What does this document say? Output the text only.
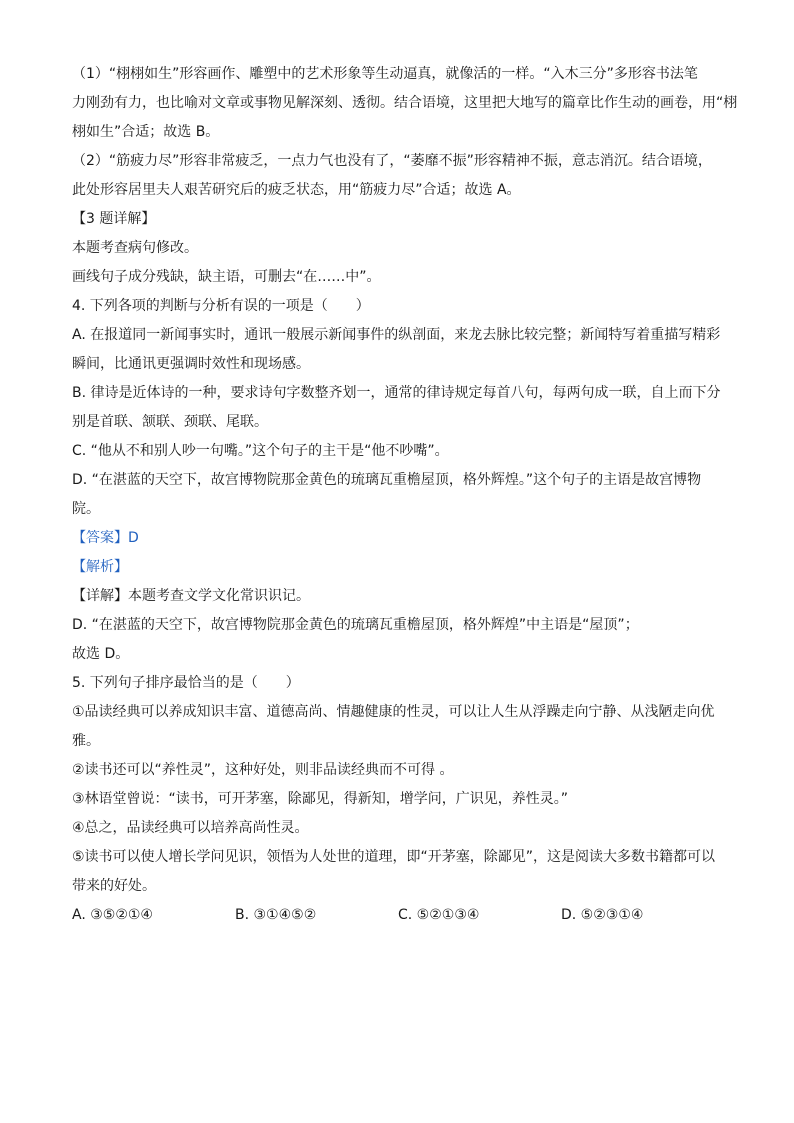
（1）“栩栩如生”形容画作、雕塑中的艺术形象等生动逼真，就像活的一样。“入木三分”多形容书法笔
力刚劲有力，也比喻对文章或事物见解深刻、透彻。结合语境，这里把大地写的篇章比作生动的画卷，用“栩
栩如生”合适；故选 B。
（2）“筋疲力尽”形容非常疲乏，一点力气也没有了，“萎靡不振”形容精神不振，意志消沉。结合语境，
此处形容居里夫人艰苦研究后的疲乏状态，用“筋疲力尽”合适；故选 A。
【3 题详解】
本题考查病句修改。
画线句子成分残缺，缺主语，可删去“在……中”。
4. 下列各项的判断与分析有误的一项是（　　）
A. 在报道同一新闻事实时，通讯一般展示新闻事件的纵剖面，来龙去脉比较完整；新闻特写着重描写精彩
瞬间，比通讯更强调时效性和现场感。
B. 律诗是近体诗的一种，要求诗句字数整齐划一，通常的律诗规定每首八句，每两句成一联，自上而下分
别是首联、颔联、颈联、尾联。
C. “他从不和别人吵一句嘴。”这个句子的主干是“他不吵嘴”。
D. “在湛蓝的天空下，故宫博物院那金黄色的琉璃瓦重檐屋顶，格外辉煌。”这个句子的主语是故宫博物
院。
【答案】D
【解析】
【详解】本题考查文学文化常识识记。
D. “在湛蓝的天空下，故宫博物院那金黄色的琉璃瓦重檐屋顶，格外辉煌”中主语是“屋顶”；
故选 D。
5. 下列句子排序最恰当的是（　　）
①品读经典可以养成知识丰富、道德高尚、情趣健康的性灵，可以让人生从浮躁走向宁静、从浅陋走向优
雅。
②读书还可以“养性灵”，这种好处，则非品读经典而不可得 。
③林语堂曾说：“读书，可开茅塞，除鄙见，得新知，增学问，广识见，养性灵。”
④总之，品读经典可以培养高尚性灵。
⑤读书可以使人增长学问见识，领悟为人处世的道理，即“开茅塞，除鄙见”，这是阅读大多数书籍都可以
带来的好处。
A. ③⑤②①④	B. ③①④⑤②	C. ⑤②①③④	D. ⑤②③①④
